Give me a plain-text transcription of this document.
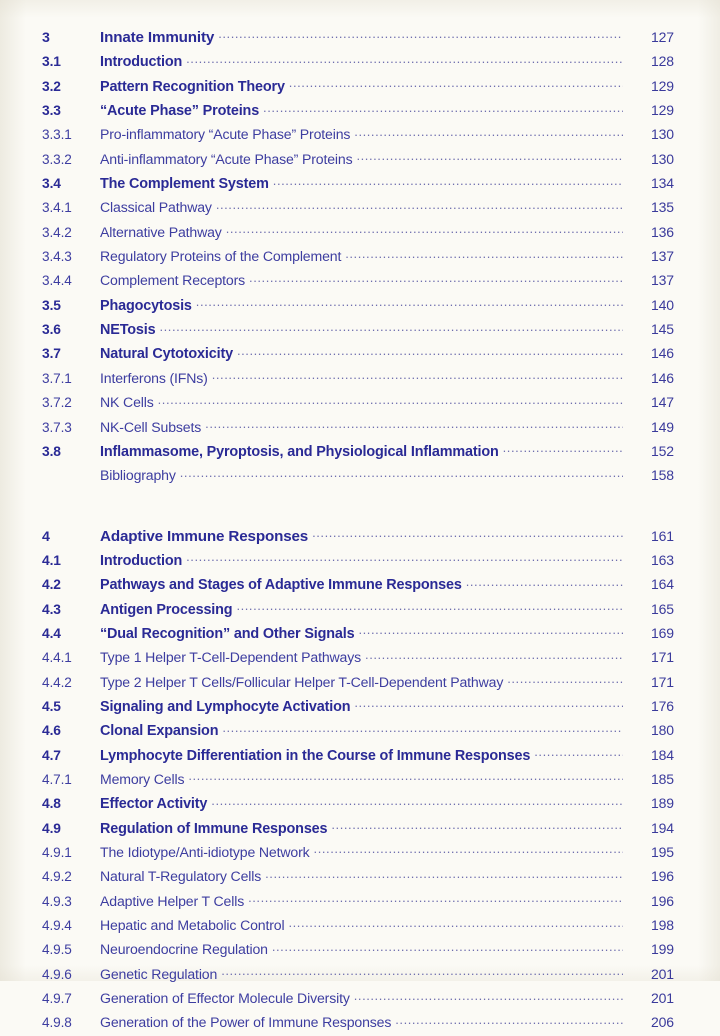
3	Innate Immunity .....	127
3.1	Introduction .....	128
3.2	Pattern Recognition Theory .....	129
3.3	“Acute Phase” Proteins .....	129
3.3.1	Pro-inflammatory “Acute Phase” Proteins .....	130
3.3.2	Anti-inflammatory “Acute Phase” Proteins .....	130
3.4	The Complement System .....	134
3.4.1	Classical Pathway .....	135
3.4.2	Alternative Pathway .....	136
3.4.3	Regulatory Proteins of the Complement .....	137
3.4.4	Complement Receptors .....	137
3.5	Phagocytosis .....	140
3.6	NETosis .....	145
3.7	Natural Cytotoxicity .....	146
3.7.1	Interferons (IFNs) .....	146
3.7.2	NK Cells .....	147
3.7.3	NK-Cell Subsets .....	149
3.8	Inflammasome, Pyroptosis, and Physiological Inflammation .....	152
Bibliography .....	158
4	Adaptive Immune Responses .....	161
4.1	Introduction .....	163
4.2	Pathways and Stages of Adaptive Immune Responses .....	164
4.3	Antigen Processing .....	165
4.4	“Dual Recognition” and Other Signals .....	169
4.4.1	Type 1 Helper T-Cell-Dependent Pathways .....	171
4.4.2	Type 2 Helper T Cells/Follicular Helper T-Cell-Dependent Pathway .....	171
4.5	Signaling and Lymphocyte Activation .....	176
4.6	Clonal Expansion .....	180
4.7	Lymphocyte Differentiation in the Course of Immune Responses .....	184
4.7.1	Memory Cells .....	185
4.8	Effector Activity .....	189
4.9	Regulation of Immune Responses .....	194
4.9.1	The Idiotype/Anti-idiotype Network .....	195
4.9.2	Natural T-Regulatory Cells .....	196
4.9.3	Adaptive Helper T Cells .....	196
4.9.4	Hepatic and Metabolic Control .....	198
4.9.5	Neuroendocrine Regulation .....	199
4.9.6	Genetic Regulation .....	201
4.9.7	Generation of Effector Molecule Diversity .....	201
4.9.8	Generation of the Power of Immune Responses .....	206
